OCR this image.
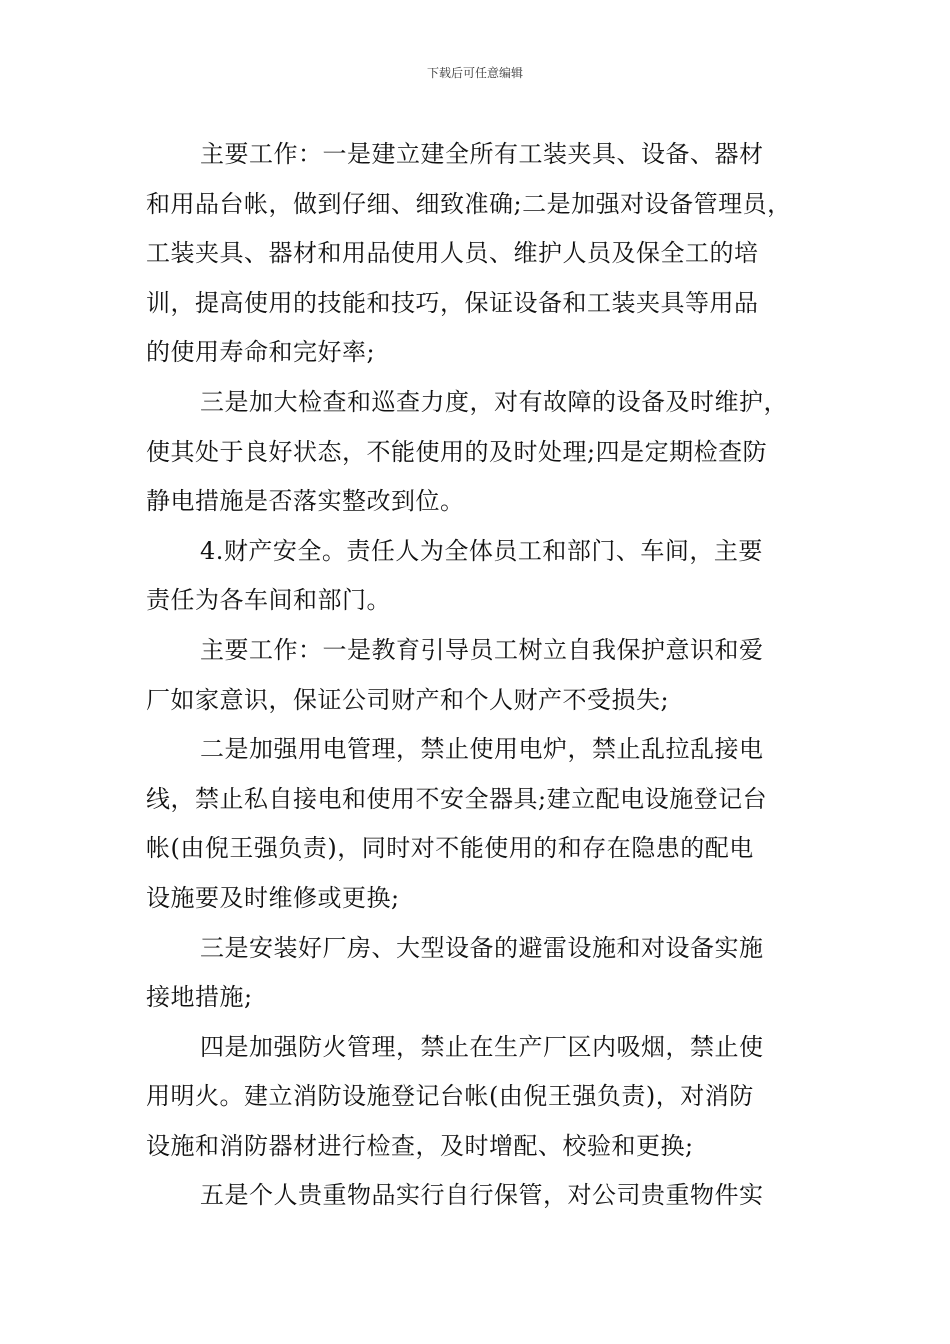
下载后可任意编辑
主要工作：一是建立建全所有工装夹具、设备、器材
和用品台帐，做到仔细、细致准确;二是加强对设备管理员，
工装夹具、器材和用品使用人员、维护人员及保全工的培
训，提高使用的技能和技巧，保证设备和工装夹具等用品
的使用寿命和完好率;
三是加大检查和巡查力度，对有故障的设备及时维护，
使其处于良好状态，不能使用的及时处理;四是定期检查防
静电措施是否落实整改到位。
4.财产安全。责任人为全体员工和部门、车间，主要
责任为各车间和部门。
主要工作：一是教育引导员工树立自我保护意识和爱
厂如家意识，保证公司财产和个人财产不受损失;
二是加强用电管理，禁止使用电炉，禁止乱拉乱接电
线，禁止私自接电和使用不安全器具;建立配电设施登记台
帐(由倪王强负责)，同时对不能使用的和存在隐患的配电
设施要及时维修或更换;
三是安装好厂房、大型设备的避雷设施和对设备实施
接地措施;
四是加强防火管理，禁止在生产厂区内吸烟，禁止使
用明火。建立消防设施登记台帐(由倪王强负责)，对消防
设施和消防器材进行检查，及时增配、校验和更换;
五是个人贵重物品实行自行保管，对公司贵重物件实
